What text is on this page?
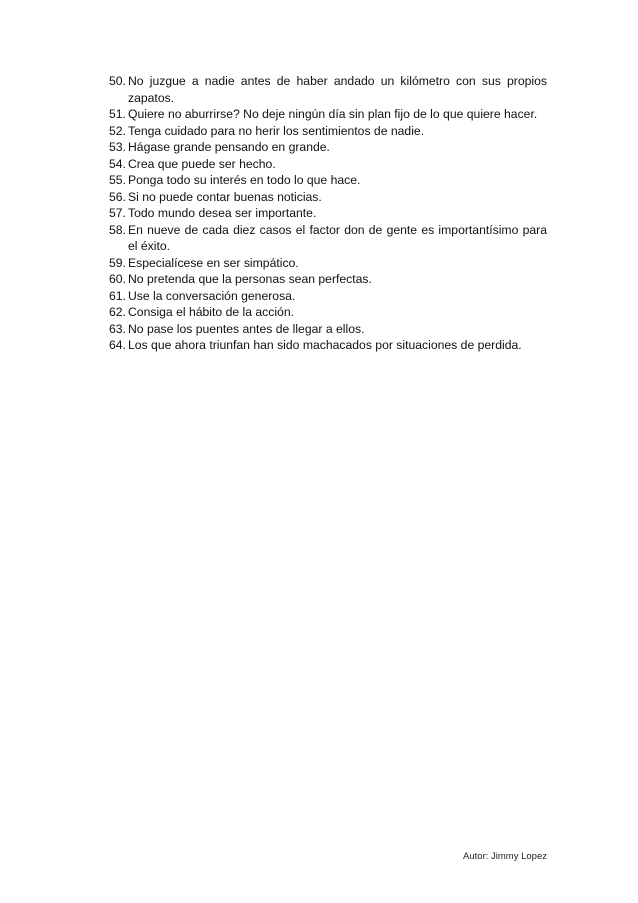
50. No juzgue a nadie antes de haber andado un kilómetro con sus propios zapatos.
51. Quiere no aburrirse? No deje ningún día sin plan fijo de lo que quiere hacer.
52. Tenga cuidado para no herir los sentimientos de nadie.
53. Hágase grande pensando en grande.
54. Crea que puede ser hecho.
55. Ponga todo su interés en todo lo que hace.
56. Si no puede contar buenas noticias.
57. Todo mundo desea ser importante.
58. En nueve de cada diez casos el factor don de gente es importantísimo para el éxito.
59. Especialícese en ser simpático.
60. No pretenda que la personas sean perfectas.
61. Use la conversación generosa.
62. Consiga el hábito de la acción.
63. No pase los puentes antes de llegar a ellos.
64. Los que ahora triunfan han sido machacados por situaciones de perdida.
Autor: Jimmy Lopez
